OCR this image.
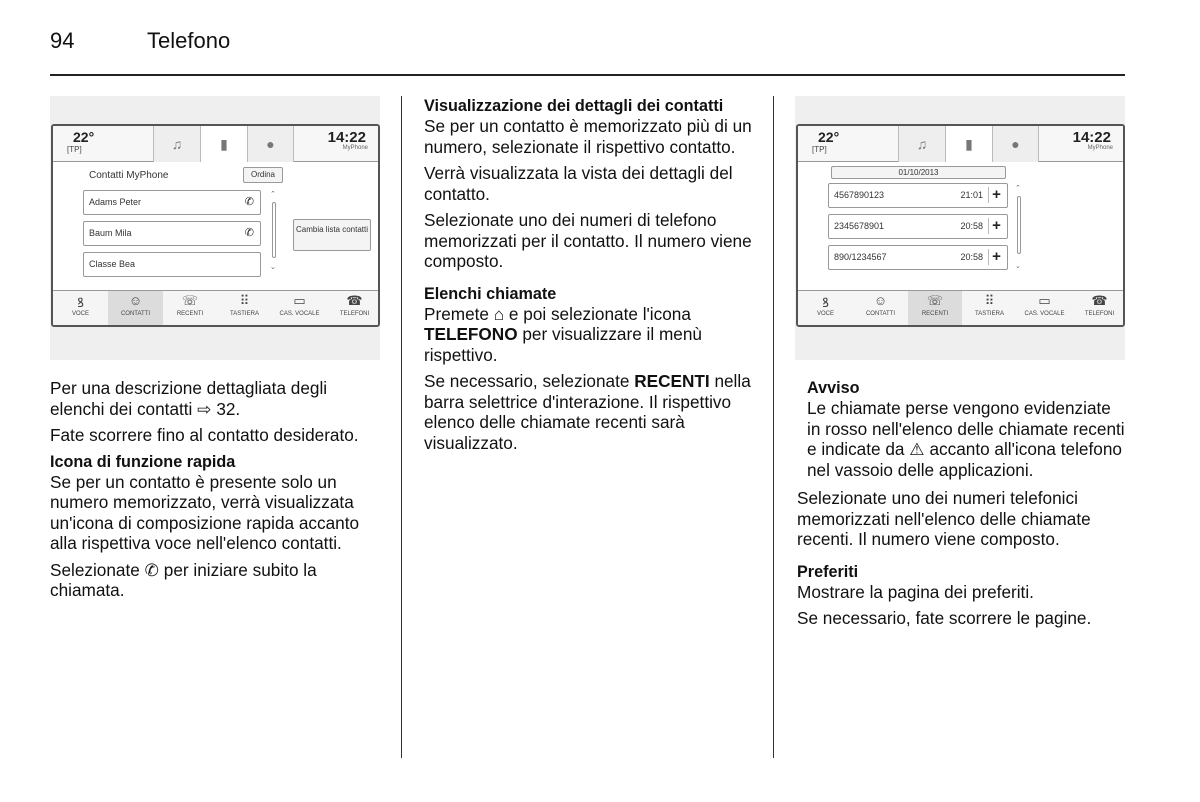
94	Telefono
22°
[TP]	♫	▮	●	14:22
MyPhone
Contatti MyPhone	Ordina
Adams Peter	✆
Baum Mila	✆
Classe Bea
⌃
⌄
Cambia lista contatti
ꝸ
VOCE
☺
CONTATTI
☏
RECENTI
⠿
TASTIERA
▭
CAS. VOCALE
☎
TELEFONI
22°
[TP]	♫	▮	●	14:22
MyPhone
01/10/2013
4567890123	21:01 +
2345678901	20:58 +
890/1234567	20:58 +
⌃
⌄
ꝸ
VOCE
☺
CONTATTI
☏
RECENTI
⠿
TASTIERA
▭
CAS. VOCALE
☎
TELEFONI

Per una descrizione dettagliata degli elenchi dei contatti ⇨ 32.

Fate scorrere fino al contatto desiderato.

Icona di funzione rapida

Se per un contatto è presente solo un numero memorizzato, verrà visualizzata un'icona di composizione rapida accanto alla rispettiva voce nell'elenco contatti.

Selezionate ✆ per iniziare subito la chiamata.

Visualizzazione dei dettagli dei contatti

Se per un contatto è memorizzato più di un numero, selezionate il rispettivo contatto.

Verrà visualizzata la vista dei dettagli del contatto.

Selezionate uno dei numeri di telefono memorizzati per il contatto. Il numero viene composto.

Elenchi chiamate

Premete ⌂ e poi selezionate l'icona TELEFONO per visualizzare il menù rispettivo.

Se necessario, selezionate RECENTI nella barra selettrice d'interazione. Il rispettivo elenco delle chiamate recenti sarà visualizzato.

Avviso

Le chiamate perse vengono evidenziate in rosso nell'elenco delle chiamate recenti e indicate da ⚠ accanto all'icona telefono nel vassoio delle applicazioni.

Selezionate uno dei numeri telefonici memorizzati nell'elenco delle chiamate recenti. Il numero viene composto.

Preferiti

Mostrare la pagina dei preferiti.

Se necessario, fate scorrere le pagine.
